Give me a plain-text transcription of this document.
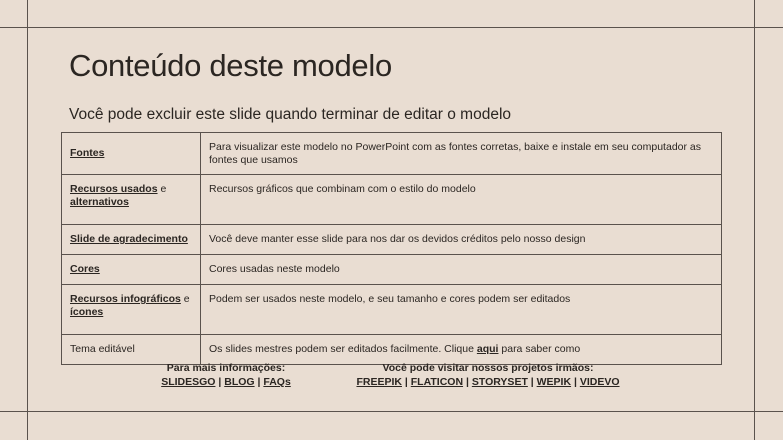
Conteúdo deste modelo

Você pode excluir este slide quando terminar de editar o modelo

Fontes	Para visualizar este modelo no PowerPoint com as fontes corretas, baixe e instale em seu computador as fontes que usamos
Recursos usados e alternativos	Recursos gráficos que combinam com o estilo do modelo
Slide de agradecimento	Você deve manter esse slide para nos dar os devidos créditos pelo nosso design
Cores	Cores usadas neste modelo
Recursos infográficos e ícones	Podem ser usados neste modelo, e seu tamanho e cores podem ser editados
Tema editável	Os slides mestres podem ser editados facilmente. Clique aqui para saber como
Para mais informações:
SLIDESGO | BLOG | FAQs
Você pode visitar nossos projetos irmãos:
FREEPIK | FLATICON | STORYSET | WEPIK | VIDEVO
